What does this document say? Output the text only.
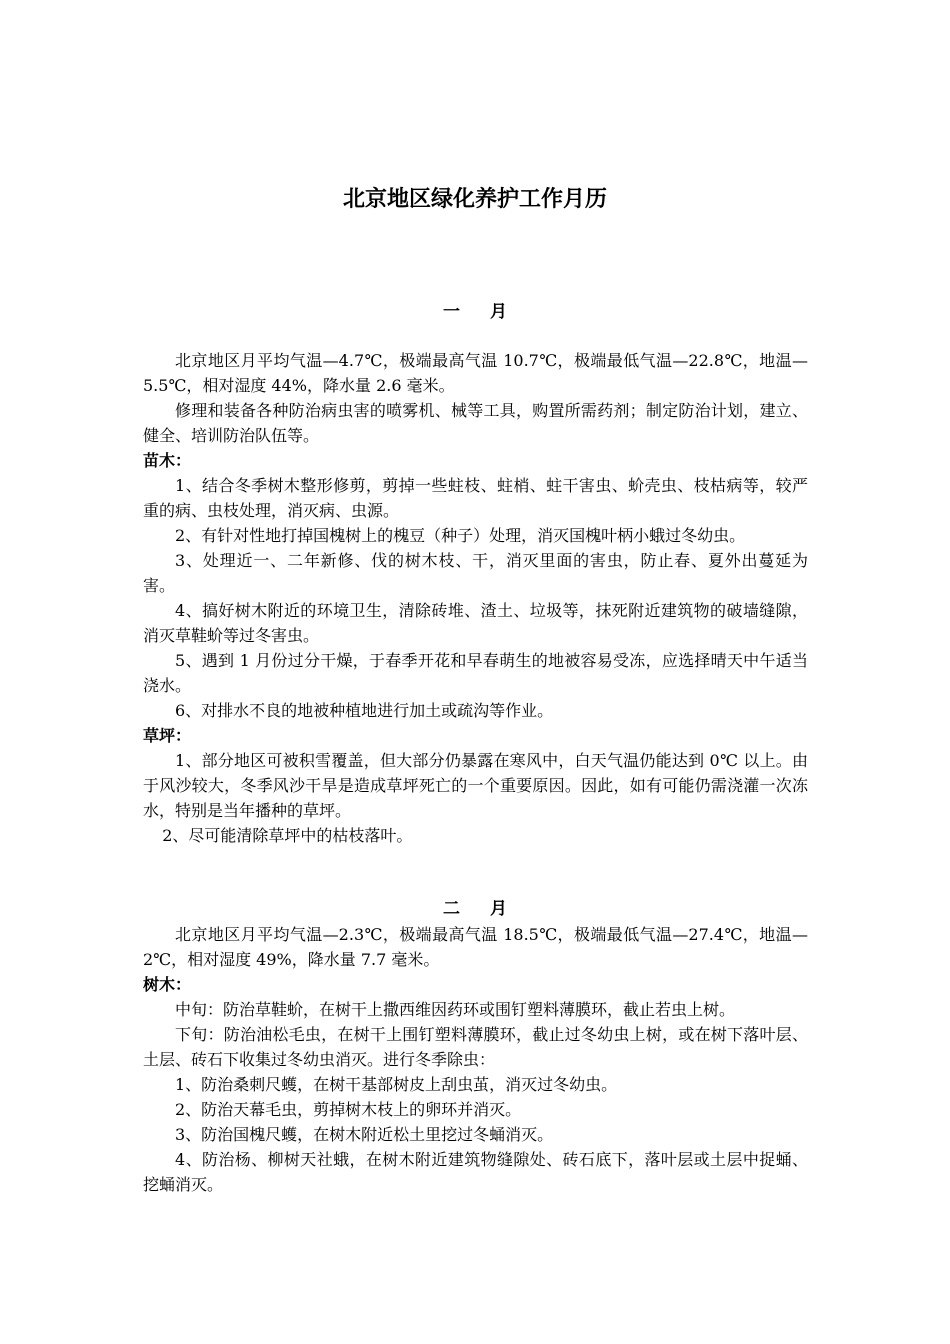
北京地区绿化养护工作月历
一月

北京地区月平均气温—4.7℃，极端最高气温 10.7℃，极端最低气温—22.8℃，地温—5.5℃，相对湿度 44%，降水量 2.6 毫米。

修理和装备各种防治病虫害的喷雾机、械等工具，购置所需药剂；制定防治计划，建立、健全、培训防治队伍等。

苗木：

1、结合冬季树木整形修剪，剪掉一些蛀枝、蛀梢、蛀干害虫、蚧壳虫、枝枯病等，较严重的病、虫枝处理，消灭病、虫源。

2、有针对性地打掉国槐树上的槐豆（种子）处理，消灭国槐叶柄小蛾过冬幼虫。

3、处理近一、二年新修、伐的树木枝、干，消灭里面的害虫，防止春、夏外出蔓延为害。

4、搞好树木附近的环境卫生，清除砖堆、渣土、垃圾等，抹死附近建筑物的破墙缝隙，消灭草鞋蚧等过冬害虫。

5、遇到 1 月份过分干燥，于春季开花和早春萌生的地被容易受冻，应选择晴天中午适当浇水。

6、对排水不良的地被种植地进行加土或疏沟等作业。

草坪：

1、部分地区可被积雪覆盖，但大部分仍暴露在寒风中，白天气温仍能达到 0℃ 以上。由于风沙较大，冬季风沙干旱是造成草坪死亡的一个重要原因。因此，如有可能仍需浇灌一次冻水，特别是当年播种的草坪。

2、尽可能清除草坪中的枯枝落叶。

二月

北京地区月平均气温—2.3℃，极端最高气温 18.5℃，极端最低气温—27.4℃，地温—2℃，相对湿度 49%，降水量 7.7 毫米。

树木：

中旬：防治草鞋蚧，在树干上撒西维因药环或围钉塑料薄膜环，截止若虫上树。

下旬：防治油松毛虫，在树干上围钉塑料薄膜环，截止过冬幼虫上树，或在树下落叶层、土层、砖石下收集过冬幼虫消灭。进行冬季除虫：

1、防治桑刺尺蠖，在树干基部树皮上刮虫茧，消灭过冬幼虫。

2、防治天幕毛虫，剪掉树木枝上的卵环并消灭。

3、防治国槐尺蠖，在树木附近松土里挖过冬蛹消灭。

4、防治杨、柳树天社蛾，在树木附近建筑物缝隙处、砖石底下，落叶层或土层中捉蛹、挖蛹消灭。
